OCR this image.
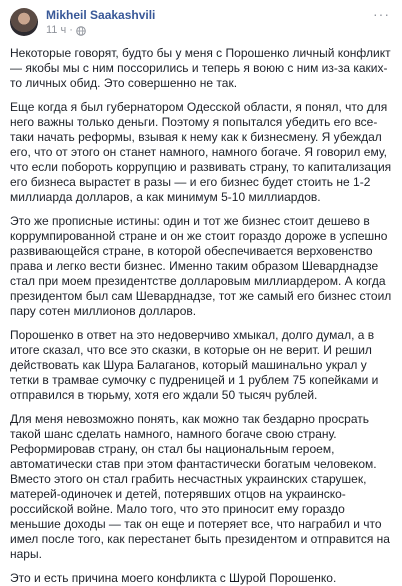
Mikheil Saakashvili
11 ч ·
···

Некоторые говорят, будто бы у меня с Порошенко личный конфликт — якобы мы с ним поссорились и теперь я воюю с ним из-за каких-то личных обид. Это совершенно не так.

Еще когда я был губернатором Одесской области, я понял, что для него важны только деньги. Поэтому я попытался убедить его все-таки начать реформы, взывая к нему как к бизнесмену. Я убеждал его, что от этого он станет намного, намного богаче. Я говорил ему, что если побороть коррупцию и развивать страну, то капитализация его бизнеса вырастет в разы — и его бизнес будет стоить не 1-2 миллиарда долларов, а как минимум 5-10 миллиардов.

Это же прописные истины: один и тот же бизнес стоит дешево в коррумпированной стране и он же стоит гораздо дороже в успешно развивающейся стране, в которой обеспечивается верховенство права и легко вести бизнес. Именно таким образом Шеварднадзе стал при моем президентстве долларовым миллиардером. А когда президентом был сам Шеварднадзе, тот же самый его бизнес стоил пару сотен миллионов долларов.

Порошенко в ответ на это недоверчиво хмыкал, долго думал, а в итоге сказал, что все это сказки, в которые он не верит. И решил действовать как Шура Балаганов, который машинально украл у тетки в трамвае сумочку с пудреницей и 1 рублем 75 копейками и отправился в тюрьму, хотя его ждали 50 тысяч рублей.

Для меня невозможно понять, как можно так бездарно просрать такой шанс сделать намного, намного богаче свою страну. Реформировав страну, он стал бы национальным героем, автоматически став при этом фантастически богатым человеком. Вместо этого он стал грабить несчастных украинских старушек, матерей-одиночек и детей, потерявших отцов на украинско-российской войне. Мало того, что это приносит ему гораздо меньшие доходы — так он еще и потеряет все, что награбил и что имел после того, как перестанет быть президентом и отправится на нары.

Это и есть причина моего конфликта с Шурой Порошенко.
